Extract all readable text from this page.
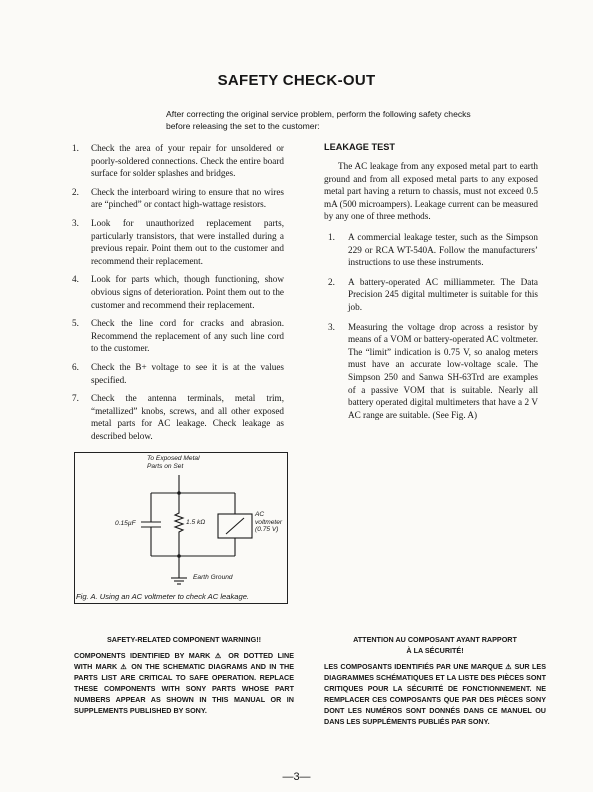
SAFETY CHECK-OUT
After correcting the original service problem, perform the following safety checks before releasing the set to the customer:
1.	Check the area of your repair for unsoldered or poorly-soldered connections. Check the entire board surface for solder splashes and bridges.
2.	Check the interboard wiring to ensure that no wires are “pinched” or contact high-wattage resistors.
3.	Look for unauthorized replacement parts, particularly transistors, that were installed during a previous repair. Point them out to the customer and recommend their replacement.
4.	Look for parts which, though functioning, show obvious signs of deterioration. Point them out to the customer and recommend their replacement.
5.	Check the line cord for cracks and abrasion. Recommend the replacement of any such line cord to the customer.
6.	Check the B+ voltage to see it is at the values specified.
7.	Check the antenna terminals, metal trim, “metallized” knobs, screws, and all other exposed metal parts for AC leakage. Check leakage as described below.
LEAKAGE TEST
The AC leakage from any exposed metal part to earth ground and from all exposed metal parts to any exposed metal part having a return to chassis, must not exceed 0.5 mA (500 microampers). Leakage current can be measured by any one of three methods.
1.	A commercial leakage tester, such as the Simpson 229 or RCA WT-540A. Follow the manufacturers’ instructions to use these instruments.
2.	A battery-operated AC milliammeter. The Data Precision 245 digital multimeter is suitable for this job.
3.	Measuring the voltage drop across a resistor by means of a VOM or battery-operated AC voltmeter. The “limit” indication is 0.75 V, so analog meters must have an accurate low-voltage scale. The Simpson 250 and Sanwa SH-63Trd are examples of a passive VOM that is suitable. Nearly all battery operated digital multimeters that have a 2 V AC range are suitable. (See Fig. A)
To Exposed Metal
Parts on Set
0.15µF	1.5 kΩ
AC
voltmeter
(0.75 V)
Earth Ground
Fig. A. Using an AC voltmeter to check AC leakage.
SAFETY-RELATED COMPONENT WARNING!!
COMPONENTS IDENTIFIED BY MARK ⚠ OR DOTTED LINE WITH MARK ⚠ ON THE SCHEMATIC DIAGRAMS AND IN THE PARTS LIST ARE CRITICAL TO SAFE OPERATION. REPLACE THESE COMPONENTS WITH SONY PARTS WHOSE PART NUMBERS APPEAR AS SHOWN IN THIS MANUAL OR IN SUPPLEMENTS PUBLISHED BY SONY.
ATTENTION AU COMPOSANT AYANT RAPPORT
À LA SÉCURITÉ!
LES COMPOSANTS IDENTIFIÉS PAR UNE MARQUE ⚠ SUR LES DIAGRAMMES SCHÉMATIQUES ET LA LISTE DES PIÈCES SONT CRITIQUES POUR LA SÉCURITÉ DE FONCTIONNEMENT. NE REMPLACER CES COMPOSANTS QUE PAR DES PIÈCES SONY DONT LES NUMÉROS SONT DONNÉS DANS CE MANUEL OU DANS LES SUPPLÉMENTS PUBLIÉS PAR SONY.
—3—
